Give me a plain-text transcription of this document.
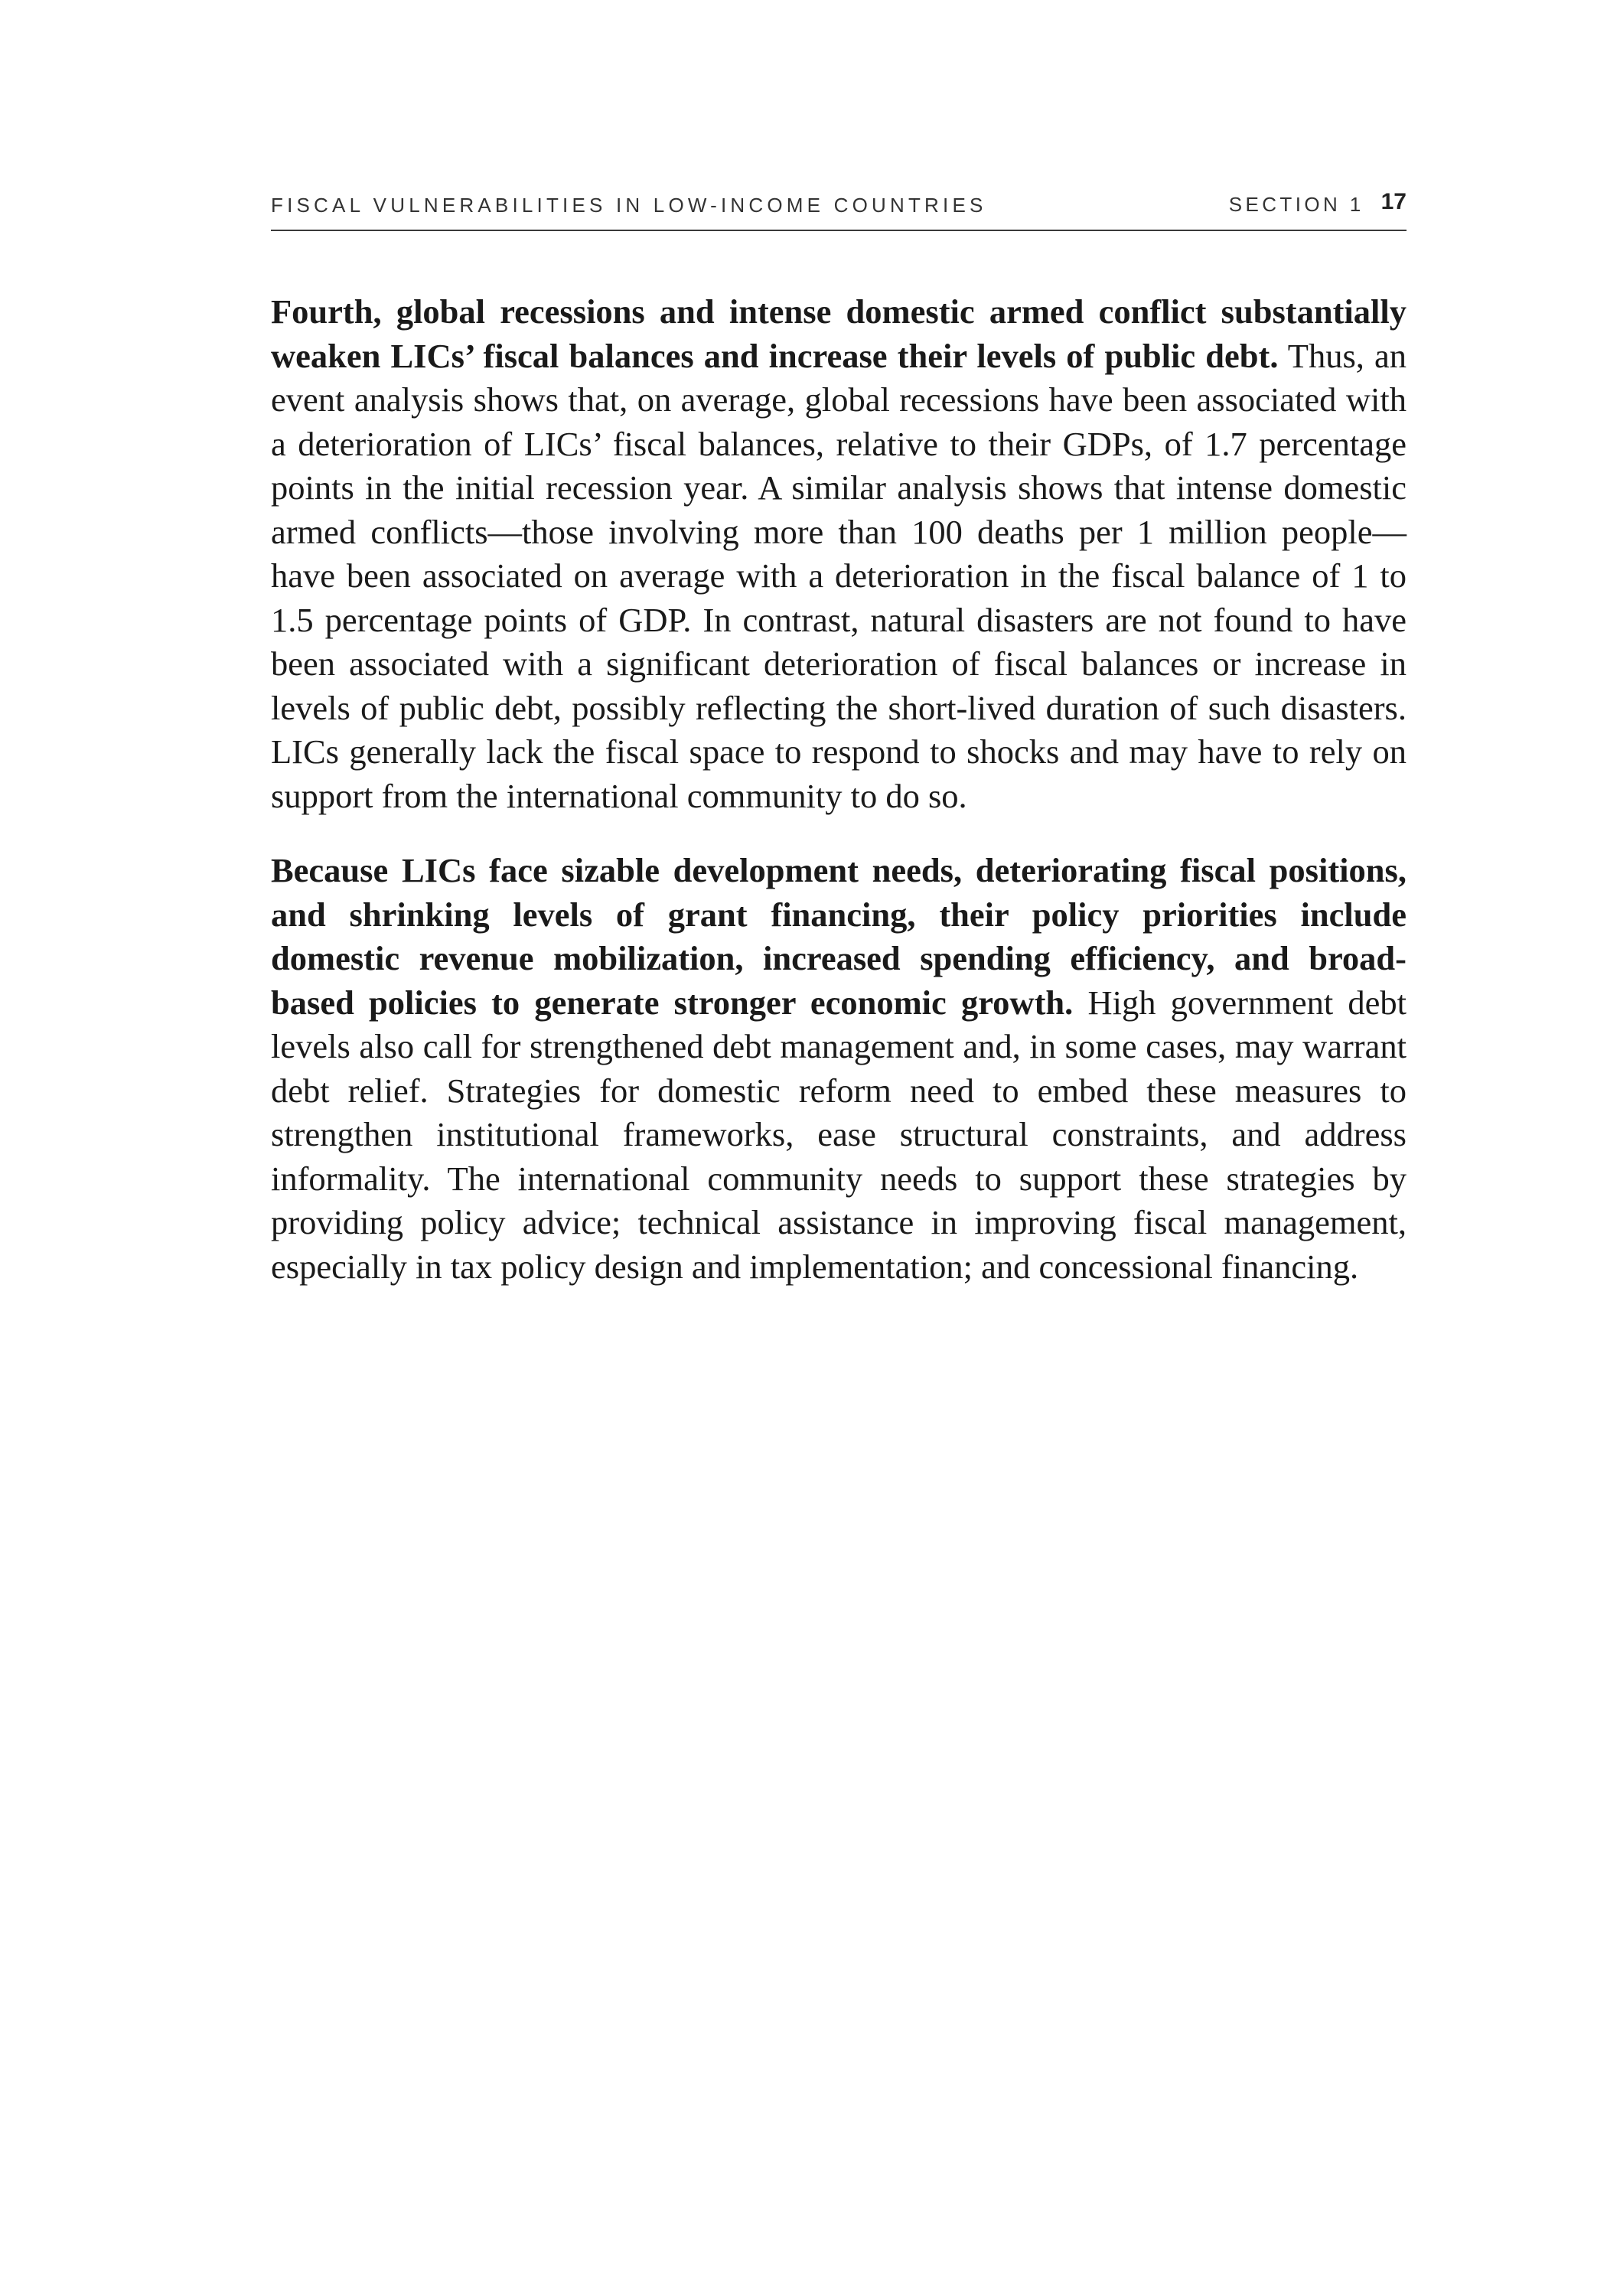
FISCAL VULNERABILITIES IN LOW-INCOME COUNTRIES	SECTION 1 17

Fourth, global recessions and intense domestic armed conflict substantially weaken LICs’ fiscal balances and increase their levels of public debt. Thus, an event analysis shows that, on average, global recessions have been associated with a deterioration of LICs’ fiscal balances, relative to their GDPs, of 1.7 percentage points in the initial recession year. A similar analysis shows that intense domestic armed conflicts—those involving more than 100 deaths per 1 million people—have been associated on average with a deterioration in the fiscal balance of 1 to 1.5 percentage points of GDP. In contrast, natural disasters are not found to have been associated with a significant deterioration of fiscal balances or increase in levels of public debt, possibly reflecting the short-lived duration of such disasters. LICs generally lack the fiscal space to respond to shocks and may have to rely on support from the international community to do so.

Because LICs face sizable development needs, deteriorating fiscal positions, and shrinking levels of grant financing, their policy priorities include domestic revenue mobilization, increased spending efficiency, and broad-based policies to generate stronger economic growth. High government debt levels also call for strengthened debt management and, in some cases, may warrant debt relief. Strategies for domestic reform need to embed these measures to strengthen institutional frameworks, ease structural constraints, and address informality. The international community needs to support these strategies by providing policy advice; technical assistance in improving fiscal management, especially in tax policy design and implementation; and concessional financing.
